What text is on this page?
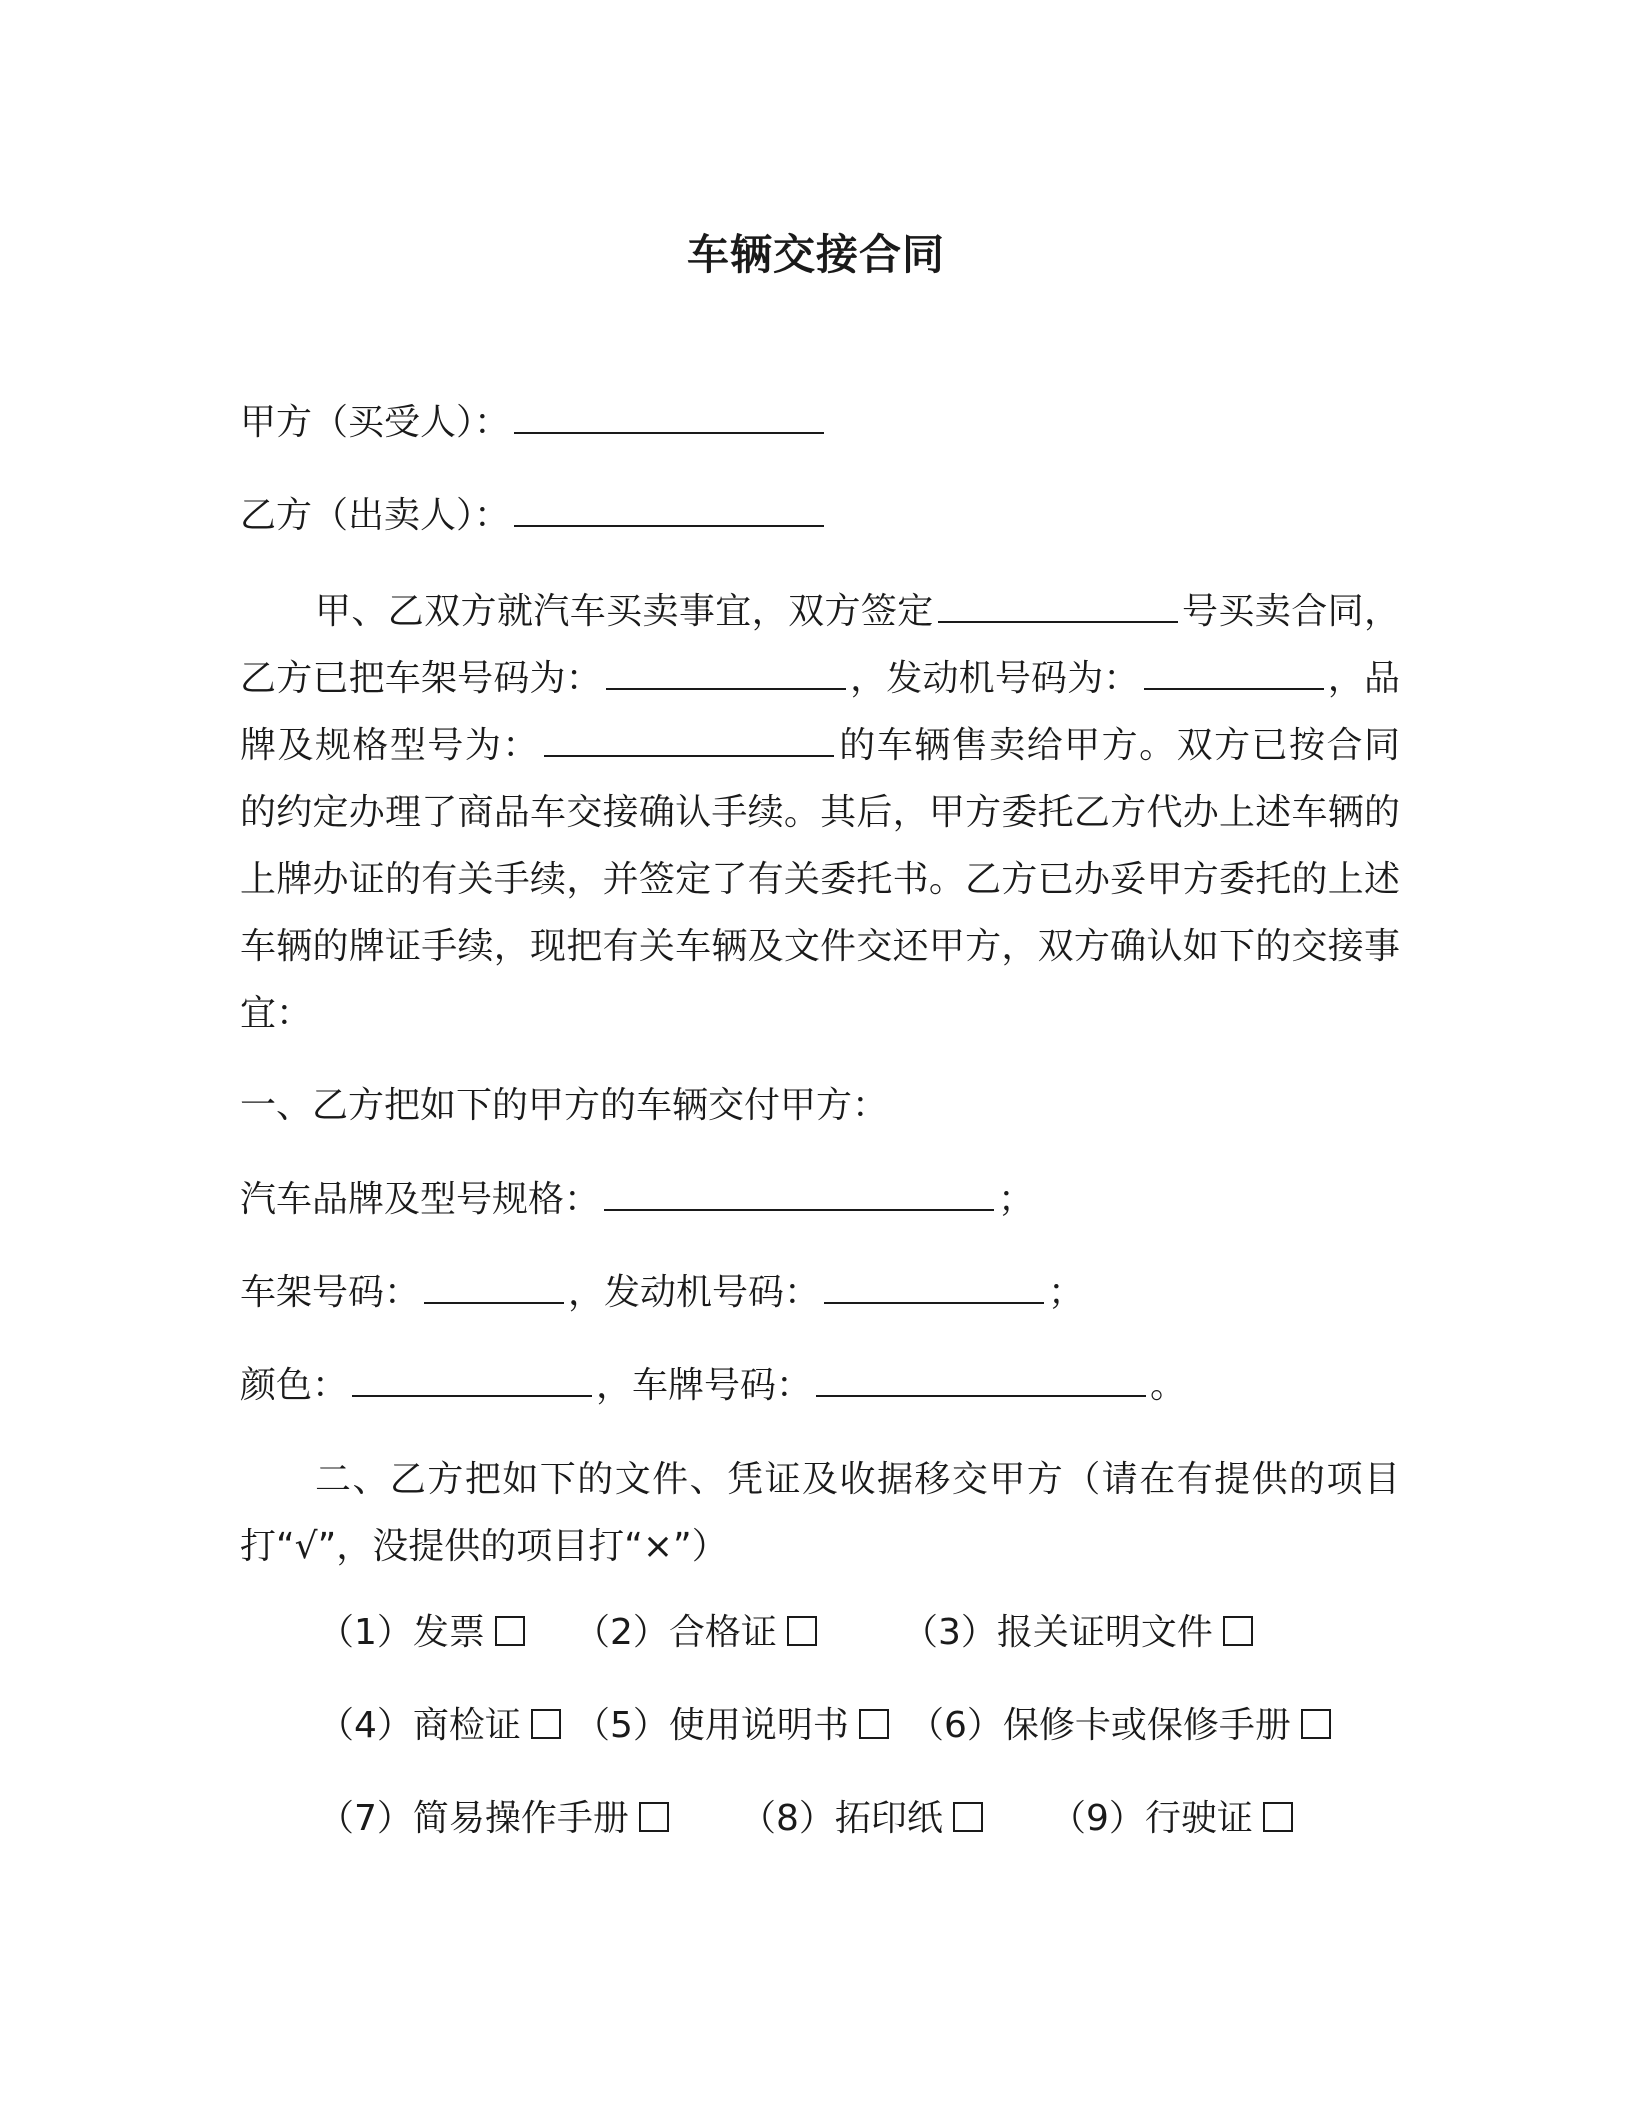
车辆交接合同
甲方（买受人）：
乙方（出卖人）：
甲、乙双方就汽车买卖事宜，双方签定	号买卖合同，乙方已把车架号码为：	，发动机号码为：	，品牌及规格型号为：	的车辆售卖给甲方。双方已按合同的约定办理了商品车交接确认手续。其后，甲方委托乙方代办上述车辆的上牌办证的有关手续，并签定了有关委托书。乙方已办妥甲方委托的上述车辆的牌证手续，现把有关车辆及文件交还甲方，双方确认如下的交接事宜：
一、乙方把如下的甲方的车辆交付甲方：
汽车品牌及型号规格：	；
车架号码：	，发动机号码：	；
颜色：	，车牌号码：	。
二、乙方把如下的文件、凭证及收据移交甲方（请在有提供的项目打“√”，没提供的项目打“×”）
（1）发票	（2）合格证	（3）报关证明文件
（4）商检证	（5）使用说明书	（6）保修卡或保修手册
（7）简易操作手册	（8）拓印纸	（9）行驶证
